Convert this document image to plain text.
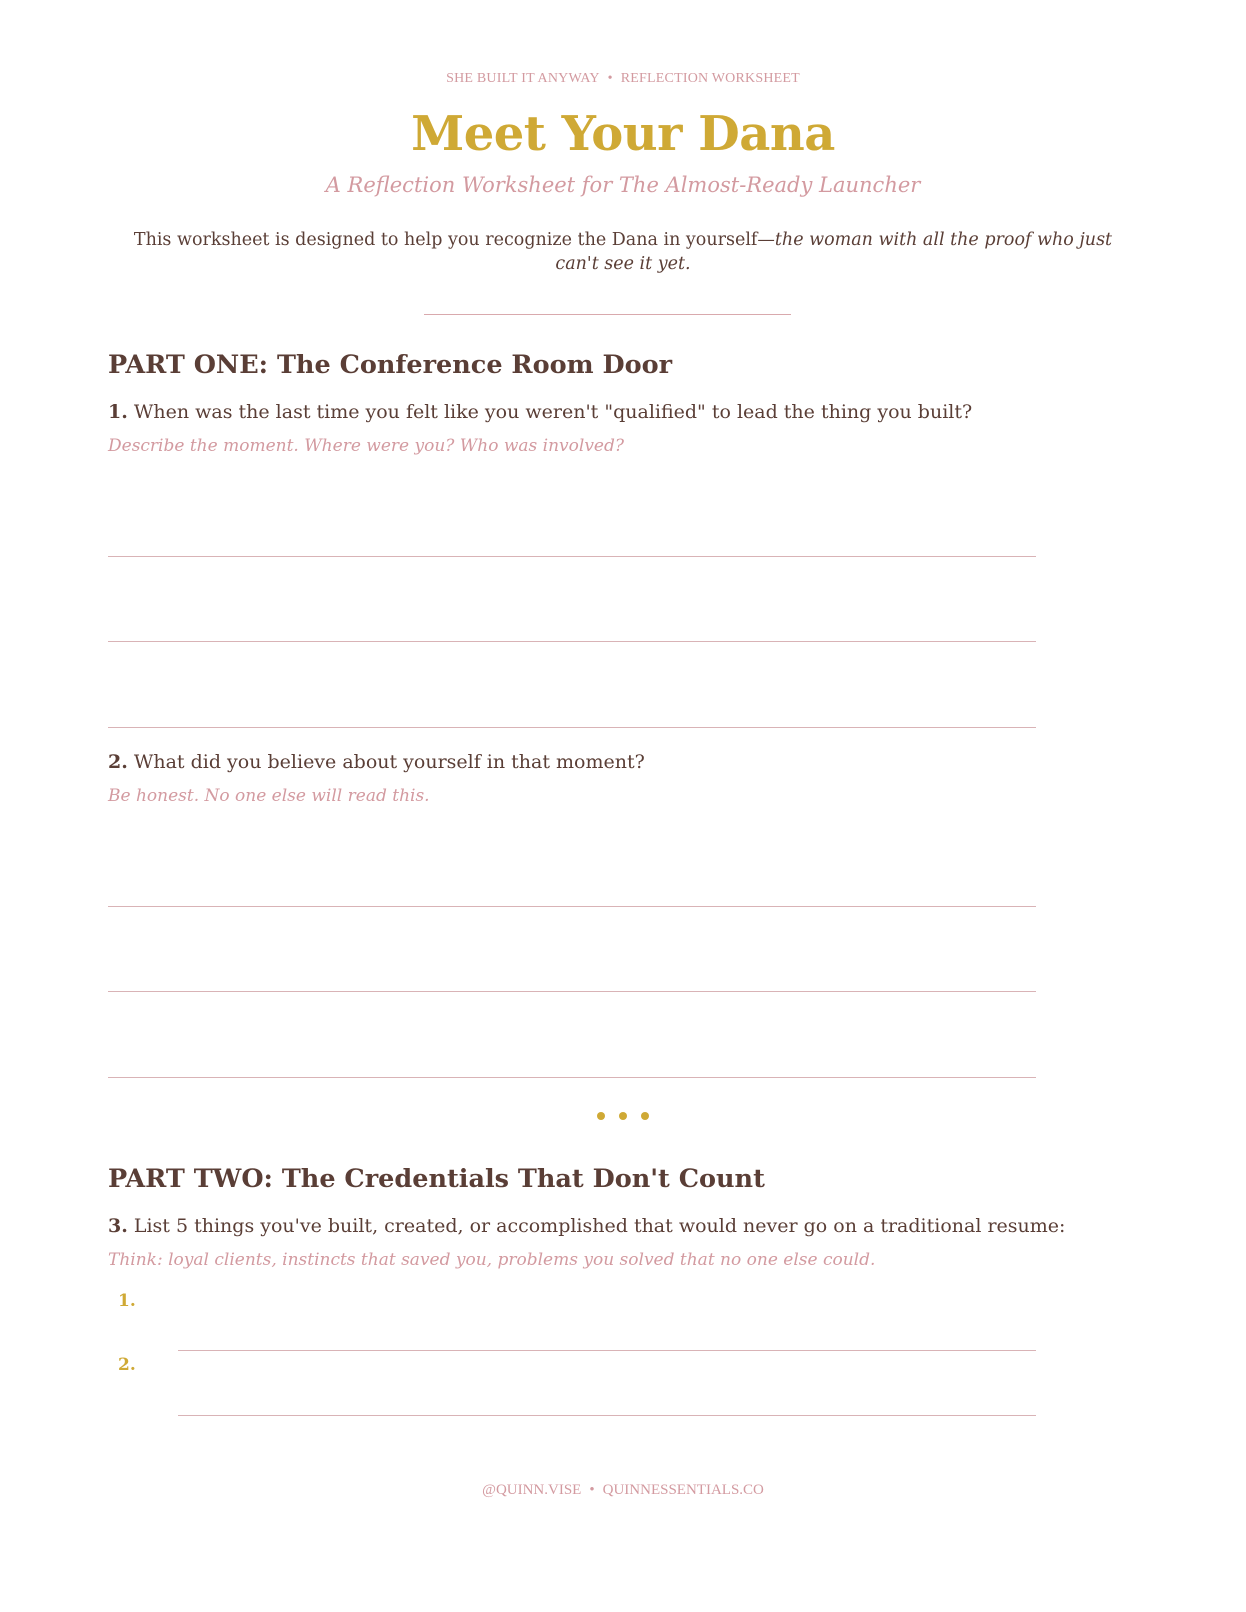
SHE BUILT IT ANYWAY • REFLECTION WORKSHEET
Meet Your Dana
A Reflection Worksheet for The Almost-Ready Launcher
This worksheet is designed to help you recognize the Dana in yourself—the woman with all the proof who just can't see it yet.
PART ONE: The Conference Room Door
1. When was the last time you felt like you weren't "qualified" to lead the thing you built?
Describe the moment. Where were you? Who was involved?
2. What did you believe about yourself in that moment?
Be honest. No one else will read this.
PART TWO: The Credentials That Don't Count
3. List 5 things you've built, created, or accomplished that would never go on a traditional resume:
Think: loyal clients, instincts that saved you, problems you solved that no one else could.
1.
2.
@QUINN.VISE • QUINNESSENTIALS.CO
